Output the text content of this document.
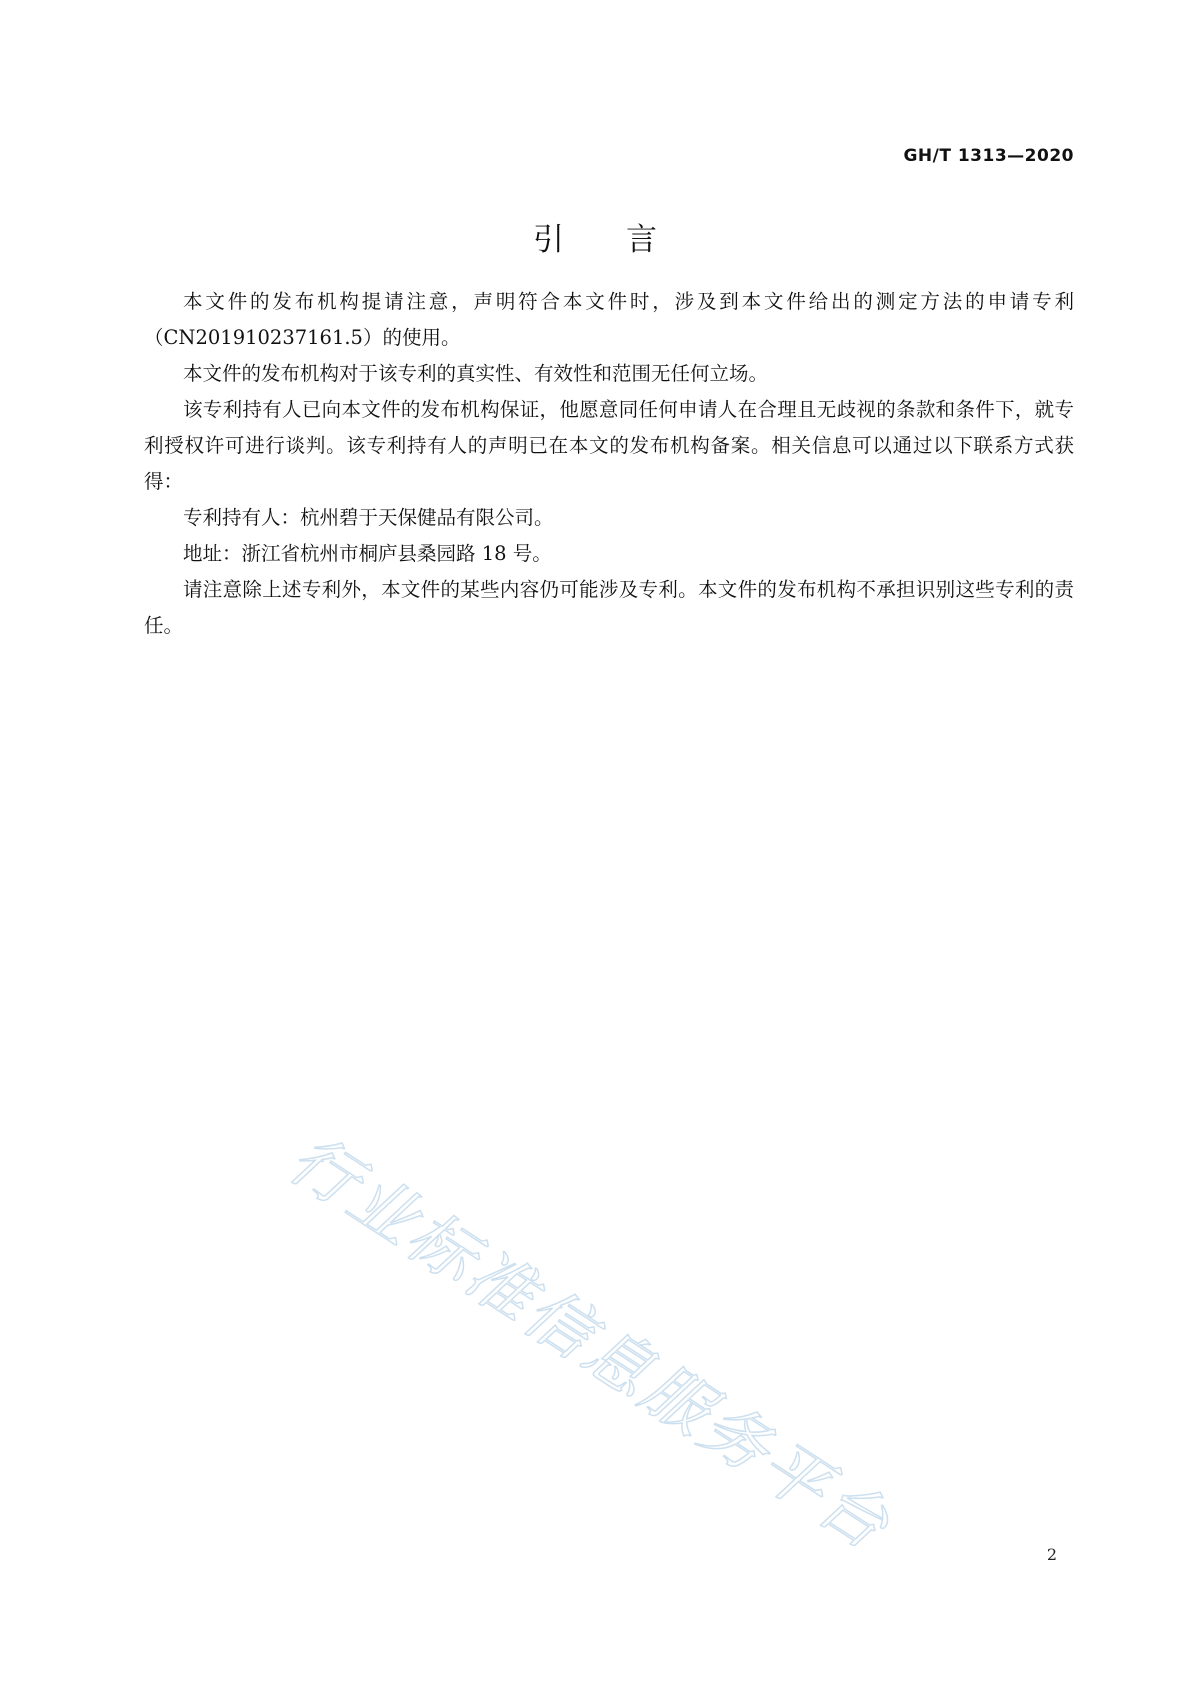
GH/T 1313—2020
引言

本文件的发布机构提请注意，声明符合本文件时，涉及到本文件给出的测定方法的申请专利（CN201910237161.5）的使用。

本文件的发布机构对于该专利的真实性、有效性和范围无任何立场。

该专利持有人已向本文件的发布机构保证，他愿意同任何申请人在合理且无歧视的条款和条件下，就专利授权许可进行谈判。该专利持有人的声明已在本文的发布机构备案。相关信息可以通过以下联系方式获得：

专利持有人：杭州碧于天保健品有限公司。

地址：浙江省杭州市桐庐县桑园路 18 号。

请注意除上述专利外，本文件的某些内容仍可能涉及专利。本文件的发布机构不承担识别这些专利的责任。

行业标准信息服务平台	2
